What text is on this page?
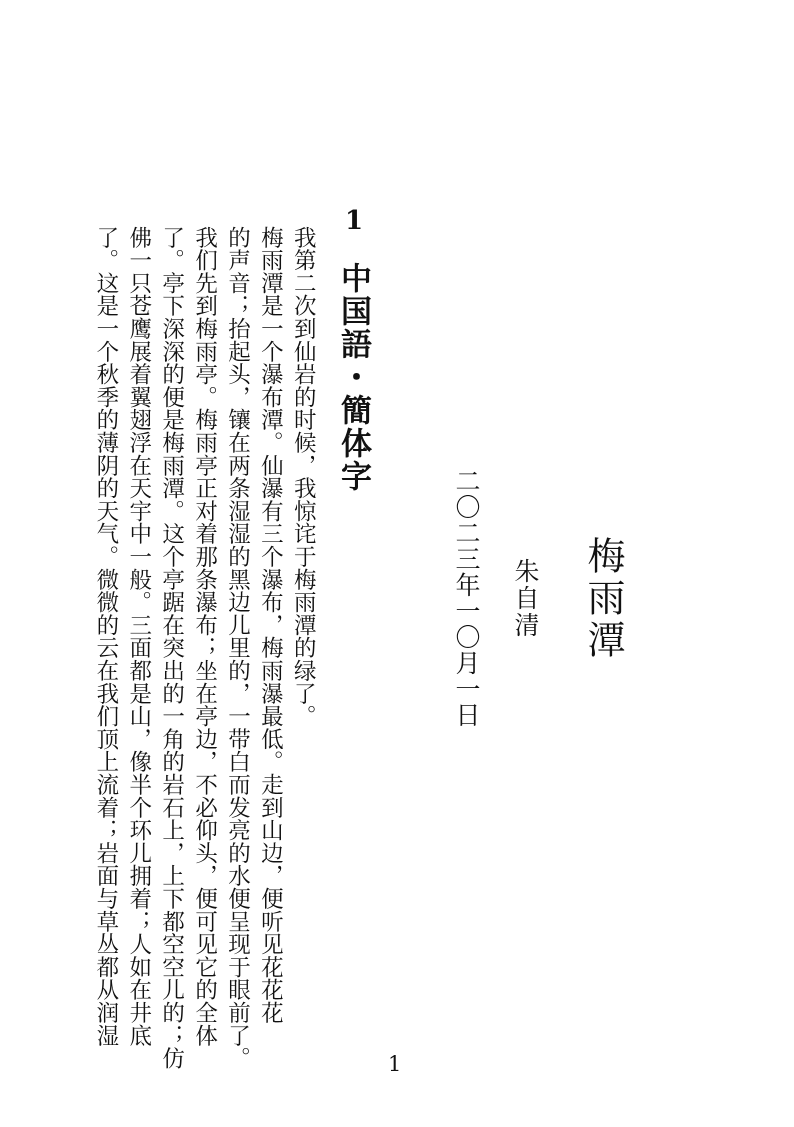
梅雨潭
朱自清
二〇二三年一〇月一日
1
中国語・簡体字
我第二次到仙岩的时候，我惊诧于梅雨潭的绿了。
梅雨潭是一个瀑布潭。仙瀑有三个瀑布，梅雨瀑最低。走到山边，便听见花花花
的声音；抬起头，镶在两条湿湿的黑边儿里的，一带白而发亮的水便呈现于眼前了。
我们先到梅雨亭。梅雨亭正对着那条瀑布；坐在亭边，不必仰头，便可见它的全体
了。亭下深深的便是梅雨潭。这个亭踞在突出的一角的岩石上，上下都空空儿的；仿
佛一只苍鹰展着翼翅浮在天宇中一般。三面都是山，像半个环儿拥着；人如在井底
了。这是一个秋季的薄阴的天气。微微的云在我们顶上流着；岩面与草丛都从润湿
1
